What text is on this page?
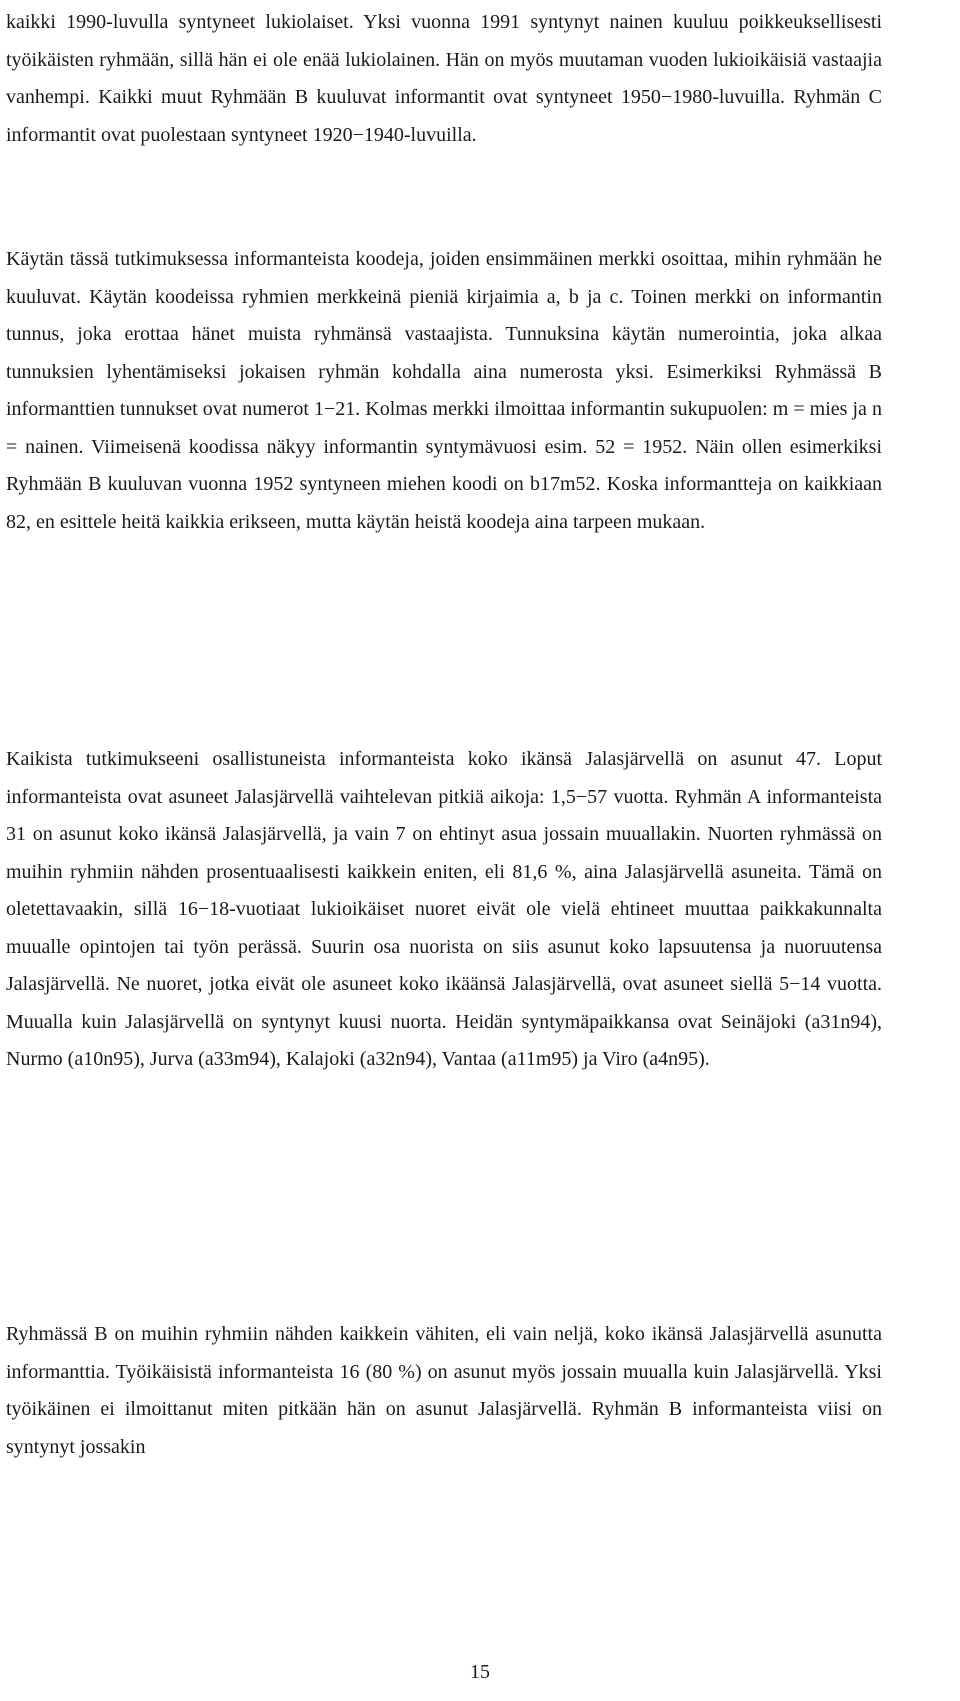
kaikki 1990-luvulla syntyneet lukiolaiset. Yksi vuonna 1991 syntynyt nainen kuuluu poikkeuksellisesti työikäisten ryhmään, sillä hän ei ole enää lukiolainen. Hän on myös muutaman vuoden lukioikäisiä vastaajia vanhempi. Kaikki muut Ryhmään B kuuluvat informantit ovat syntyneet 1950−1980-luvuilla. Ryhmän C informantit ovat puolestaan syntyneet 1920−1940-luvuilla.

Käytän tässä tutkimuksessa informanteista koodeja, joiden ensimmäinen merkki osoittaa, mihin ryhmään he kuuluvat. Käytän koodeissa ryhmien merkkeinä pieniä kirjaimia a, b ja c. Toinen merkki on informantin tunnus, joka erottaa hänet muista ryhmänsä vastaajista. Tunnuksina käytän numerointia, joka alkaa tunnuksien lyhentämiseksi jokaisen ryhmän kohdalla aina numerosta yksi. Esimerkiksi Ryhmässä B informanttien tunnukset ovat numerot 1−21. Kolmas merkki ilmoittaa informantin sukupuolen: m = mies ja n = nainen. Viimeisenä koodissa näkyy informantin syntymävuosi esim. 52 = 1952. Näin ollen esimerkiksi Ryhmään B kuuluvan vuonna 1952 syntyneen miehen koodi on b17m52. Koska informantteja on kaikkiaan 82, en esittele heitä kaikkia erikseen, mutta käytän heistä koodeja aina tarpeen mukaan.

Kaikista tutkimukseeni osallistuneista informanteista koko ikänsä Jalasjärvellä on asunut 47. Loput informanteista ovat asuneet Jalasjärvellä vaihtelevan pitkiä aikoja: 1,5−57 vuotta. Ryhmän A informanteista 31 on asunut koko ikänsä Jalasjärvellä, ja vain 7 on ehtinyt asua jossain muuallakin. Nuorten ryhmässä on muihin ryhmiin nähden prosentuaalisesti kaikkein eniten, eli 81,6 %, aina Jalasjärvellä asuneita. Tämä on oletettavaakin, sillä 16−18-vuotiaat lukioikäiset nuoret eivät ole vielä ehtineet muuttaa paikkakunnalta muualle opintojen tai työn perässä. Suurin osa nuorista on siis asunut koko lapsuutensa ja nuoruutensa Jalasjärvellä. Ne nuoret, jotka eivät ole asuneet koko ikäänsä Jalasjärvellä, ovat asuneet siellä 5−14 vuotta. Muualla kuin Jalasjärvellä on syntynyt kuusi nuorta. Heidän syntymäpaikkansa ovat Seinäjoki (a31n94), Nurmo (a10n95), Jurva (a33m94), Kalajoki (a32n94), Vantaa (a11m95) ja Viro (a4n95).

Ryhmässä B on muihin ryhmiin nähden kaikkein vähiten, eli vain neljä, koko ikänsä Jalasjärvellä asunutta informanttia. Työikäisistä informanteista 16 (80 %) on asunut myös jossain muualla kuin Jalasjärvellä. Yksi työikäinen ei ilmoittanut miten pitkään hän on asunut Jalasjärvellä. Ryhmän B informanteista viisi on syntynyt jossakin

15
